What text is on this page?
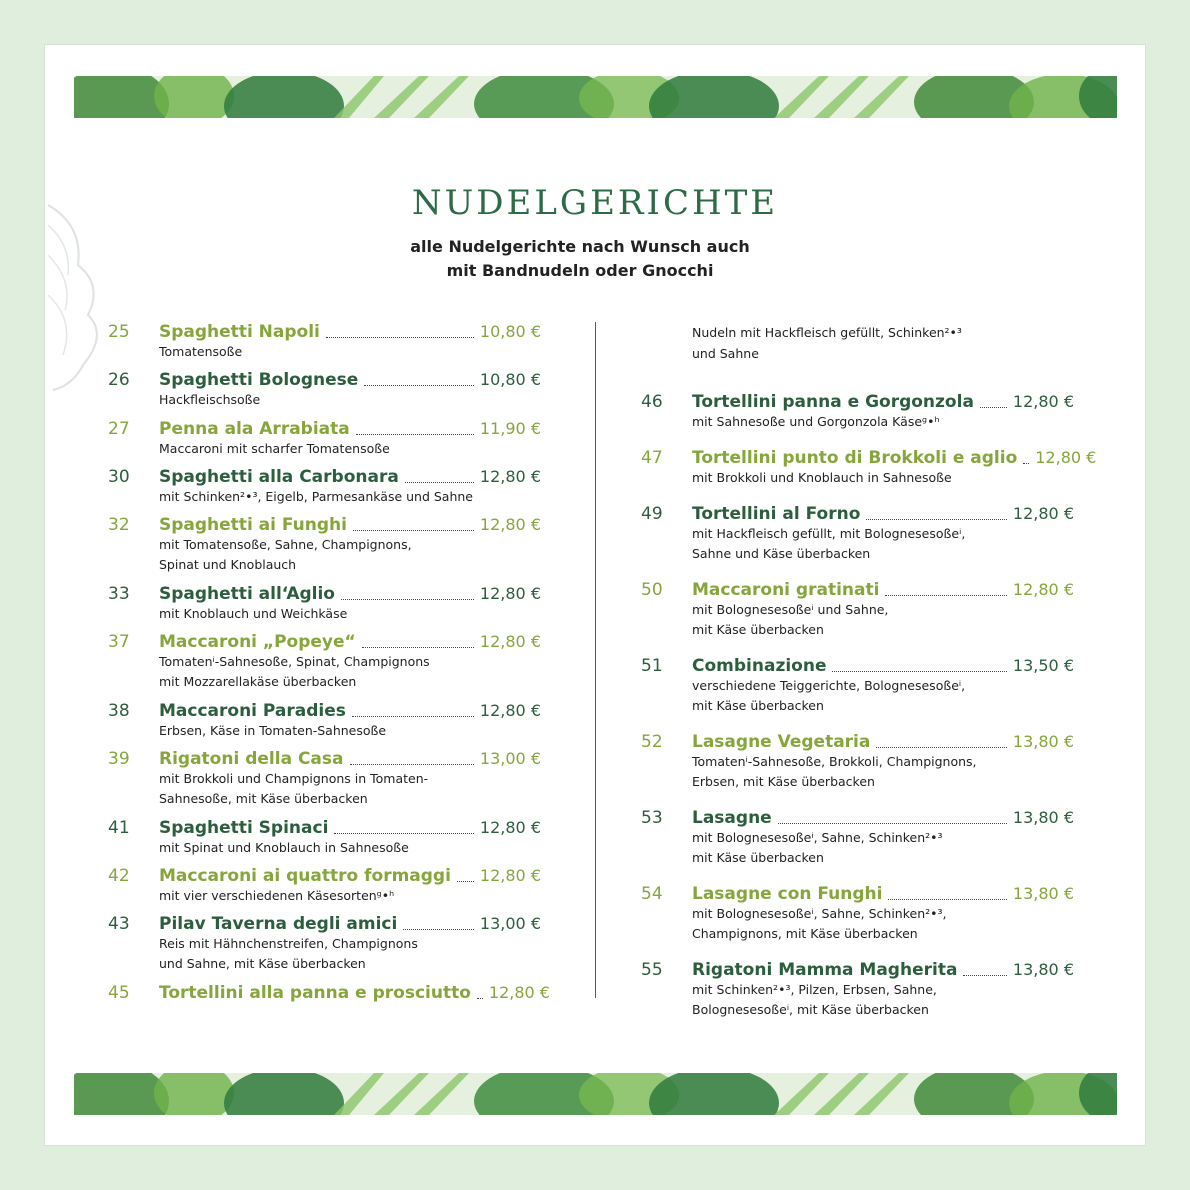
NUDELGERICHTE
alle Nudelgerichte nach Wunsch auch
mit Bandnudeln oder Gnocchi
25	Spaghetti Napoli	10,80 €
Tomatensoße
26	Spaghetti Bolognese	10,80 €
Hackfleischsoße
27	Penna ala Arrabiata	11,90 €
Maccaroni mit scharfer Tomatensoße
30	Spaghetti alla Carbonara	12,80 €
mit Schinken²•³, Eigelb, Parmesankäse und Sahne
32	Spaghetti ai Funghi	12,80 €
mit Tomatensoße, Sahne, Champignons,
Spinat und Knoblauch
33	Spaghetti all‘Aglio	12,80 €
mit Knoblauch und Weichkäse
37	Maccaroni „Popeye“	12,80 €
Tomatenⁱ-Sahnesoße, Spinat, Champignons
mit Mozzarellakäse überbacken
38	Maccaroni Paradies	12,80 €
Erbsen, Käse in Tomaten-Sahnesoße
39	Rigatoni della Casa	13,00 €
mit Brokkoli und Champignons in Tomaten-
Sahnesoße, mit Käse überbacken
41	Spaghetti Spinaci	12,80 €
mit Spinat und Knoblauch in Sahnesoße
42	Maccaroni ai quattro formaggi 12,80 €
mit vier verschiedenen Käsesortenᵍ•ʰ
43	Pilav Taverna degli amici	13,00 €
Reis mit Hähnchenstreifen, Champignons
und Sahne, mit Käse überbacken
45	Tortellini alla panna e prosciutto 12,80 €
Nudeln mit Hackfleisch gefüllt, Schinken²•³
und Sahne
46	Tortellini panna e Gorgonzola 12,80 €
mit Sahnesoße und Gorgonzola Käseᵍ•ʰ
47	Tortellini punto di Brokkoli e aglio 12,80 €
mit Brokkoli und Knoblauch in Sahnesoße
49	Tortellini al Forno	12,80 €
mit Hackfleisch gefüllt, mit Bolognesesoßeⁱ,
Sahne und Käse überbacken
50	Maccaroni gratinati	12,80 €
mit Bolognesesoßeⁱ und Sahne,
mit Käse überbacken
51	Combinazione	13,50 €
verschiedene Teiggerichte, Bolognesesoßeⁱ,
mit Käse überbacken
52	Lasagne Vegetaria	13,80 €
Tomatenⁱ-Sahnesoße, Brokkoli, Champignons,
Erbsen, mit Käse überbacken
53	Lasagne	13,80 €
mit Bolognesesoßeⁱ, Sahne, Schinken²•³
mit Käse überbacken
54	Lasagne con Funghi	13,80 €
mit Bolognesesoßeⁱ, Sahne, Schinken²•³,
Champignons, mit Käse überbacken
55	Rigatoni Mamma Magherita	13,80 €
mit Schinken²•³, Pilzen, Erbsen, Sahne,
Bolognesesoßeⁱ, mit Käse überbacken
